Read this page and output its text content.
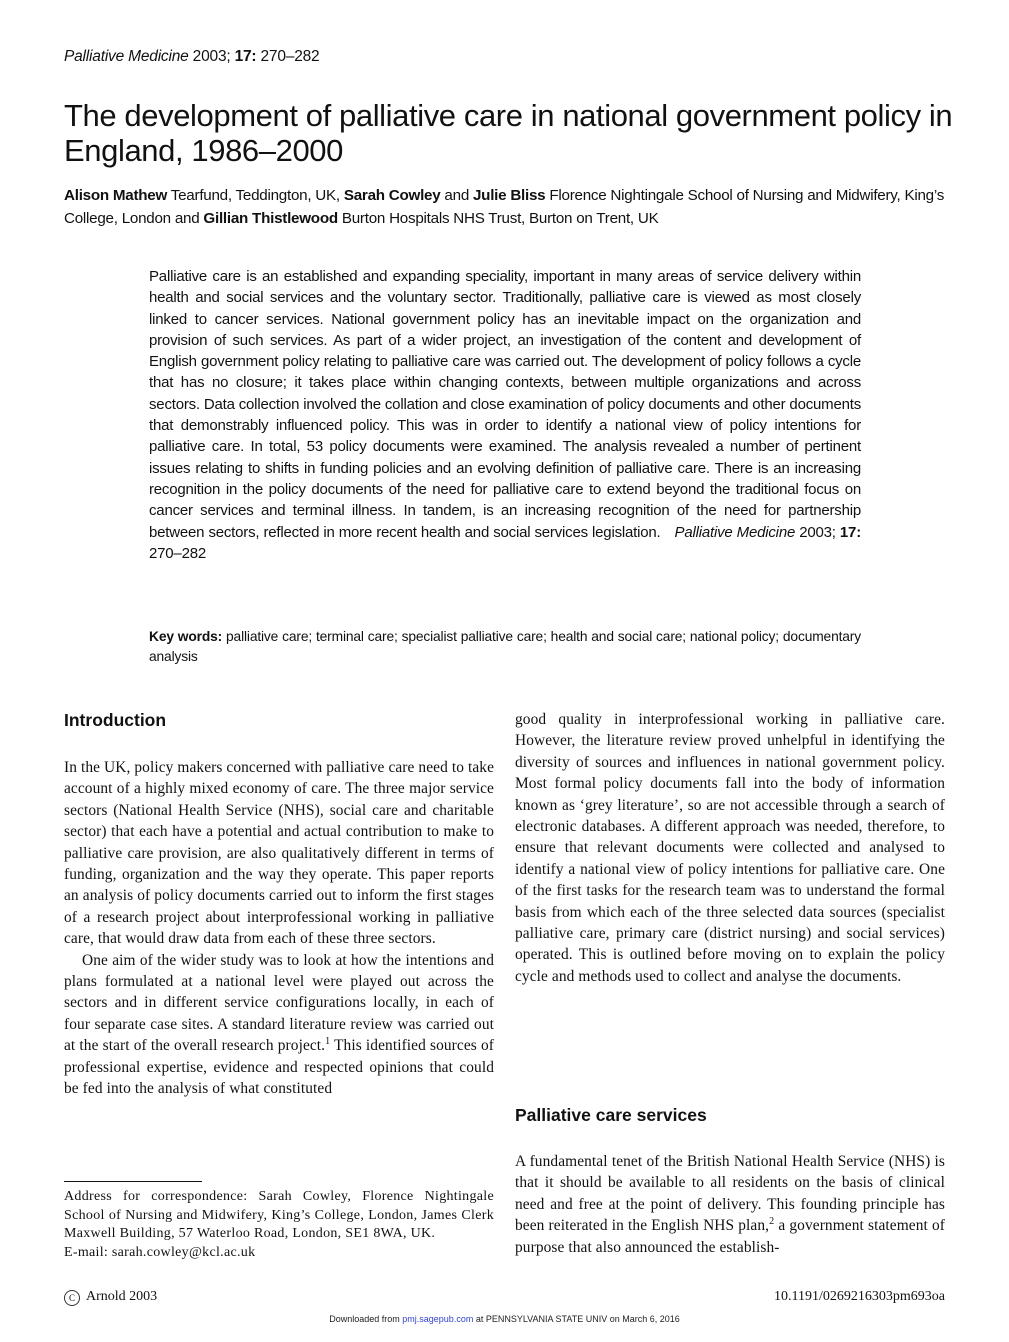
Palliative Medicine 2003; 17: 270–282
The development of palliative care in national government policy in England, 1986–2000
Alison Mathew Tearfund, Teddington, UK, Sarah Cowley and Julie Bliss Florence Nightingale School of Nursing and Midwifery, King’s College, London and Gillian Thistlewood Burton Hospitals NHS Trust, Burton on Trent, UK
Palliative care is an established and expanding speciality, important in many areas of service delivery within health and social services and the voluntary sector. Traditionally, palliative care is viewed as most closely linked to cancer services. National government policy has an inevitable impact on the organization and provision of such services. As part of a wider project, an investigation of the content and development of English government policy relating to palliative care was carried out. The development of policy follows a cycle that has no closure; it takes place within changing contexts, between multiple organizations and across sectors. Data collection involved the collation and close examination of policy documents and other documents that demonstrably influenced policy. This was in order to identify a national view of policy intentions for palliative care. In total, 53 policy documents were examined. The analysis revealed a number of pertinent issues relating to shifts in funding policies and an evolving definition of palliative care. There is an increasing recognition in the policy documents of the need for palliative care to extend beyond the traditional focus on cancer services and terminal illness. In tandem, is an increasing recognition of the need for partnership between sectors, reflected in more recent health and social services legislation. Palliative Medicine 2003; 17: 270–282
Key words: palliative care; terminal care; specialist palliative care; health and social care; national policy; documentary analysis
Introduction

In the UK, policy makers concerned with palliative care need to take account of a highly mixed economy of care. The three major service sectors (National Health Service (NHS), social care and charitable sector) that each have a potential and actual contribution to make to palliative care provision, are also qualitatively different in terms of funding, organization and the way they operate. This paper reports an analysis of policy documents carried out to inform the first stages of a research project about interprofessional working in palliative care, that would draw data from each of these three sectors.

One aim of the wider study was to look at how the intentions and plans formulated at a national level were played out across the sectors and in different service configurations locally, in each of four separate case sites. A standard literature review was carried out at the start of the overall research project.$^1$ This identified sources of professional expertise, evidence and respected opinions that could be fed into the analysis of what constituted

good quality in interprofessional working in palliative care. However, the literature review proved unhelpful in identifying the diversity of sources and influences in national government policy. Most formal policy documents fall into the body of information known as ‘grey literature’, so are not accessible through a search of electronic databases. A different approach was needed, therefore, to ensure that relevant documents were collected and analysed to identify a national view of policy intentions for palliative care. One of the first tasks for the research team was to understand the formal basis from which each of the three selected data sources (specialist palliative care, primary care (district nursing) and social services) operated. This is outlined before moving on to explain the policy cycle and methods used to collect and analyse the documents.

Palliative care services

A fundamental tenet of the British National Health Service (NHS) is that it should be available to all residents on the basis of clinical need and free at the point of delivery. This founding principle has been reiterated in the English NHS plan,$^2$ a government statement of purpose that also announced the establish-

Address for correspondence: Sarah Cowley, Florence Nightingale School of Nursing and Midwifery, King’s College, London, James Clerk Maxwell Building, 57 Waterloo Road, London, SE1 8WA, UK.
E-mail: sarah.cowley@kcl.ac.uk
C Arnold 2003	10.1191/0269216303pm693oa
Downloaded from pmj.sagepub.com at PENNSYLVANIA STATE UNIV on March 6, 2016
